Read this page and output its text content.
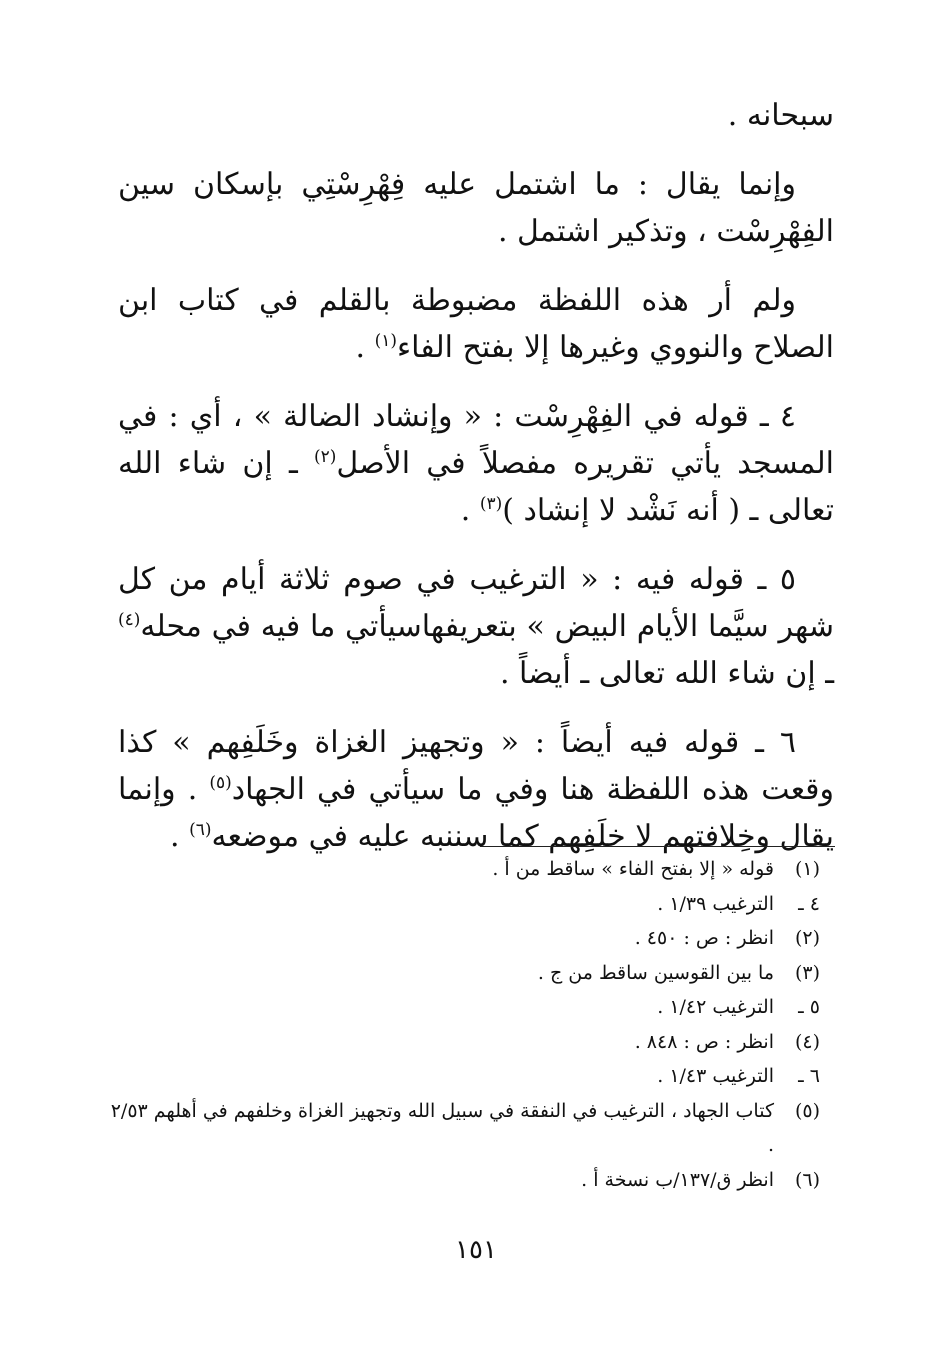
سبحانه .

وإنما يقال : ما اشتمل عليه فِهْرِسْتِي بإسكان سين الفِهْرِسْت ، وتذكير اشتمل .

ولم أر هذه اللفظة مضبوطة بالقلم في كتاب ابن الصلاح والنووي وغيرها إلا بفتح الفاء$^{(١)}$ .

٤ ـ قوله في الفِهْرِسْت : « وإنشاد الضالة » ، أي : في المسجد يأتي تقريره مفصلاً في الأصل$^{(٢)}$ ـ إن شاء الله تعالى ـ ( أنه نَشْد لا إنشاد )$^{(٣)}$ .

٥ ـ قوله فيه : « الترغيب في صوم ثلاثة أيام من كل شهر سيَّما الأيام البيض » بتعريفهاسيأتي ما فيه في محله$^{(٤)}$ ـ إن شاء الله تعالى ـ أيضاً .

٦ ـ قوله فيه أيضاً : « وتجهيز الغزاة وخَلَفِهم » كذا وقعت هذه اللفظة هنا وفي ما سيأتي في الجهاد$^{(٥)}$ . وإنما يقال وخِلافتهم لا خلَفِهم كما سننبه عليه في موضعه$^{(٦)}$ .

(١)
قوله « إلا بفتح الفاء » ساقط من أ .
٤ ـ
الترغيب ١/٣٩ .
(٢)
انظر : ص : ٤٥٠ .
(٣)
ما بين القوسين ساقط من ج .
٥ ـ
الترغيب ١/٤٢ .
(٤)
انظر : ص : ٨٤٨ .
٦ ـ
الترغيب ١/٤٣ .
(٥)
كتاب الجهاد ، الترغيب في النفقة في سبيل الله وتجهيز الغزاة وخلفهم في أهلهم ٢/٥٣ .
(٦)
انظر ق/١٣٧/ب نسخة أ .
١٥١
